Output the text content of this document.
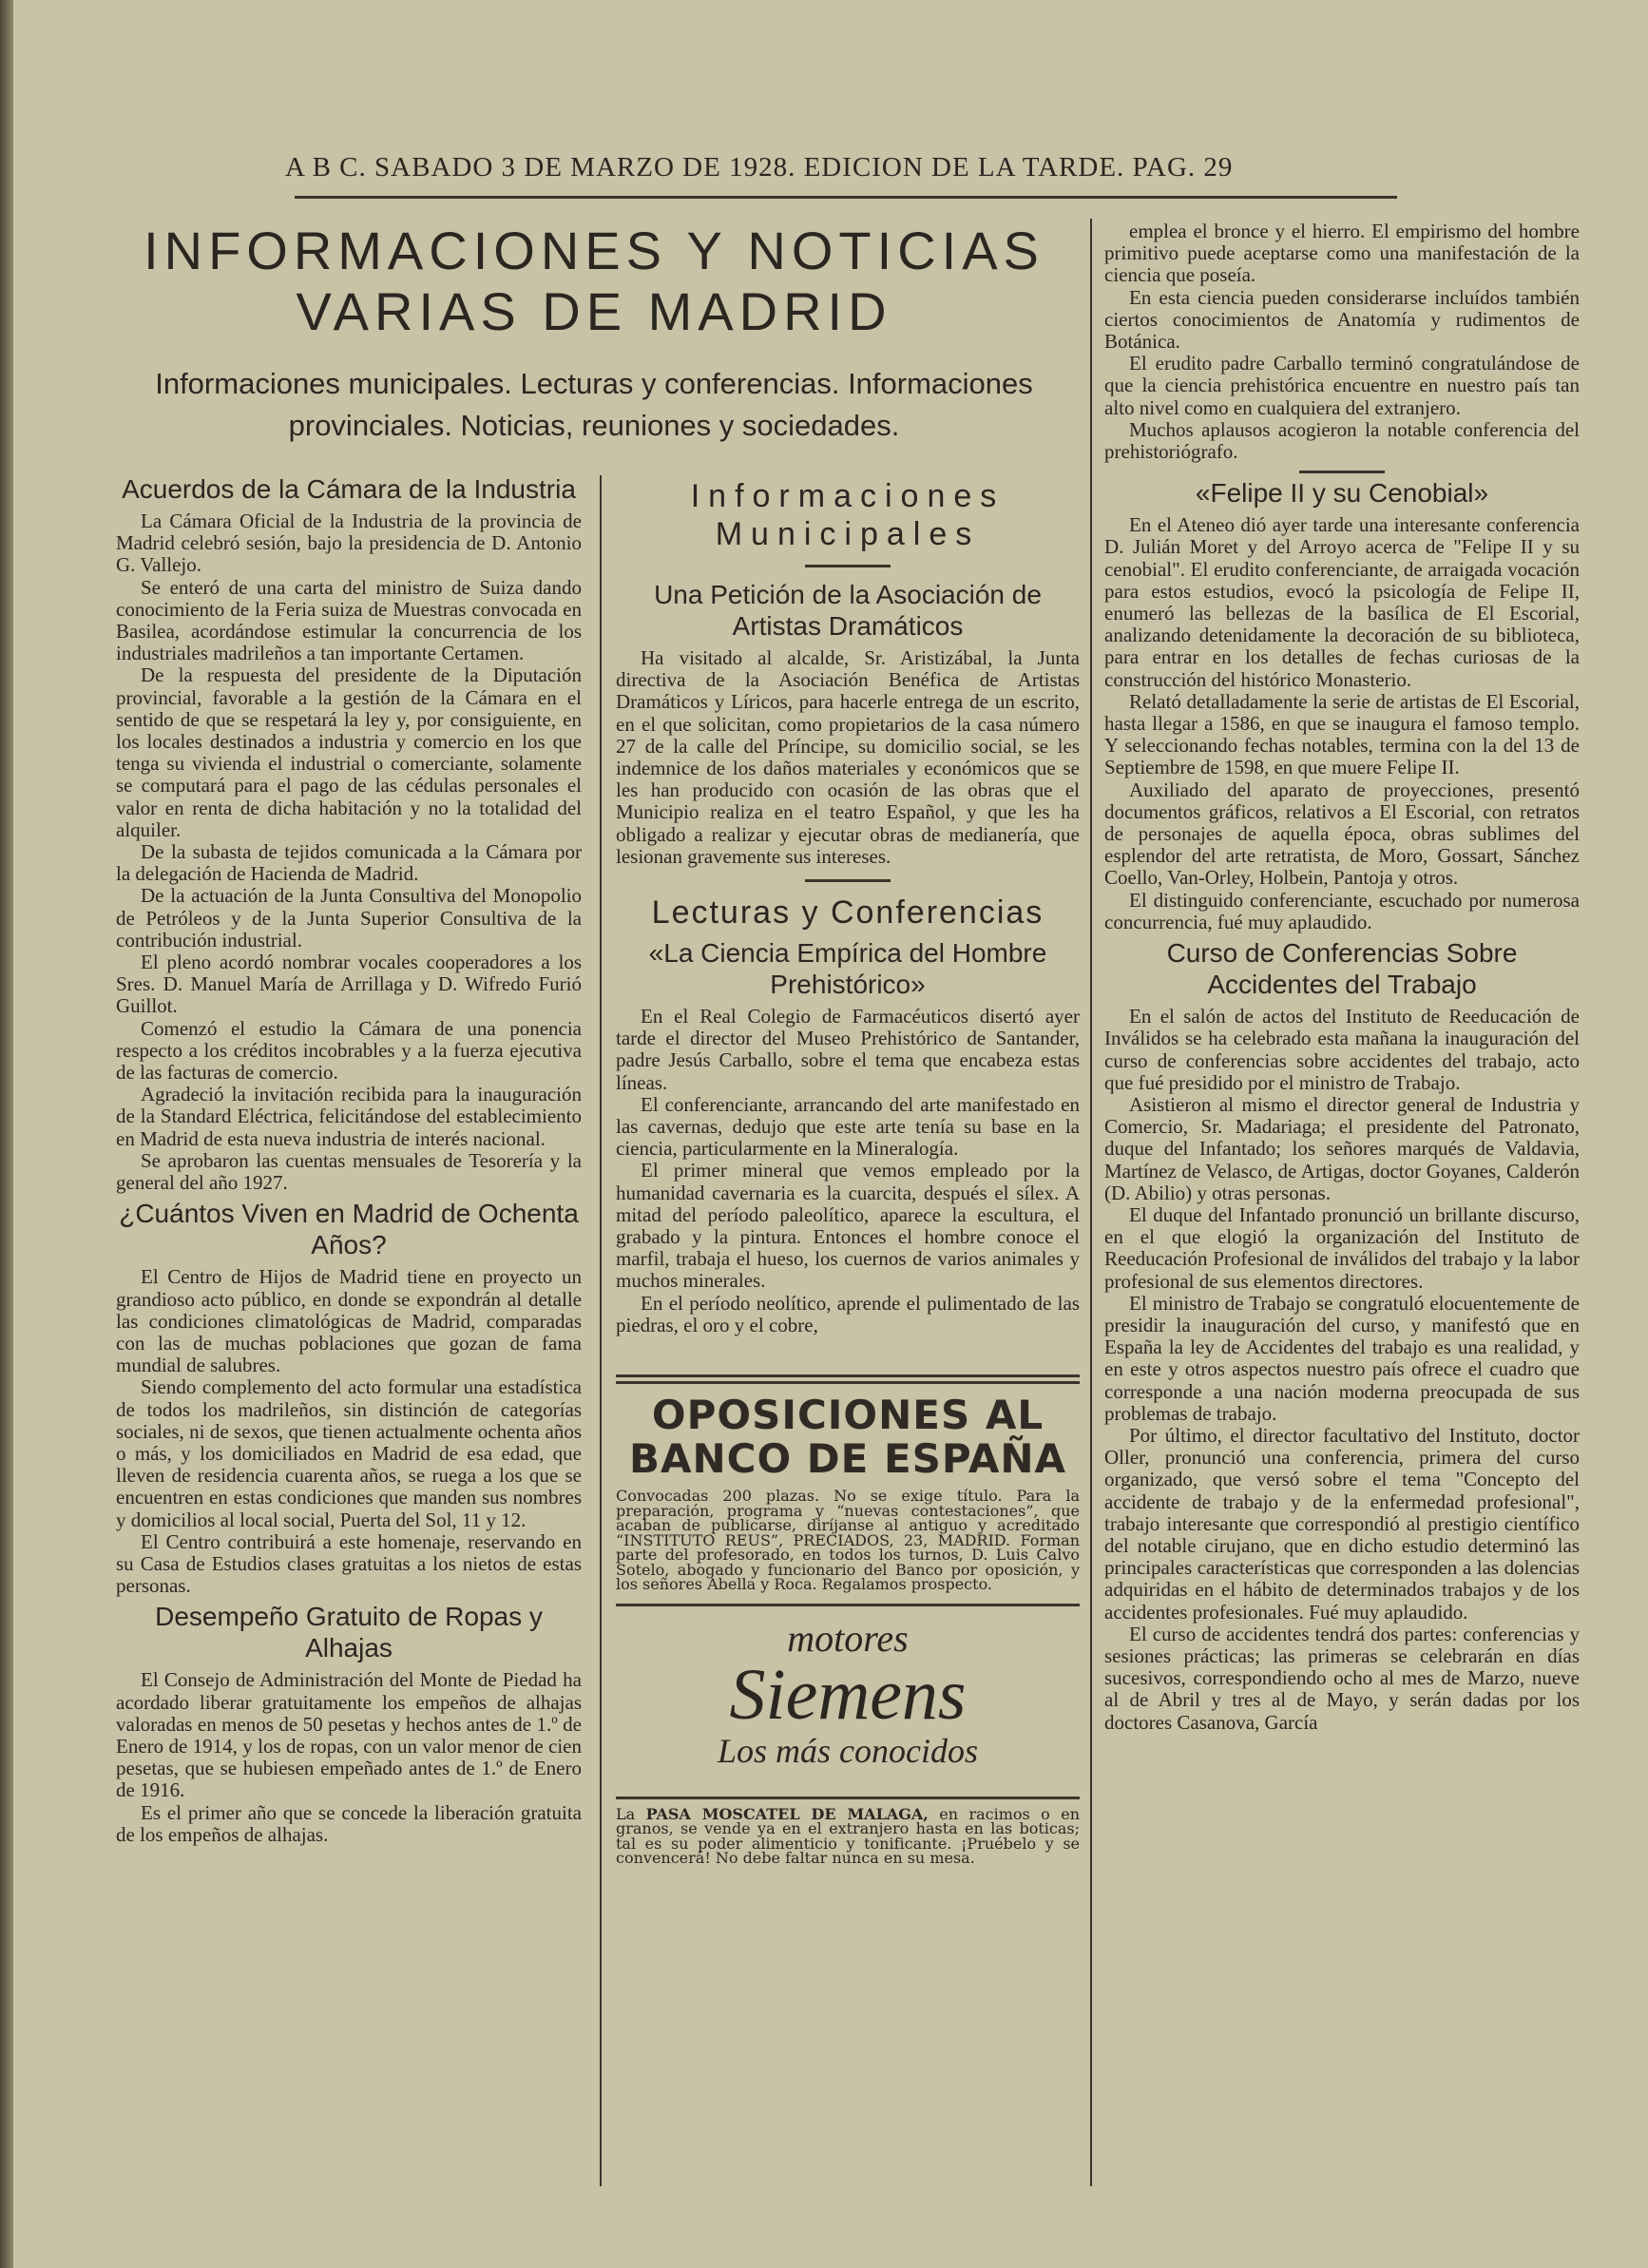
A B C. SABADO 3 DE MARZO DE 1928. EDICION DE LA TARDE. PAG. 29
INFORMACIONES Y NOTICIAS
VARIAS DE MADRID
Informaciones municipales. Lecturas y conferencias. Informaciones provinciales. Noticias, reuniones y sociedades.
Acuerdos de la Cámara de la Industria

La Cámara Oficial de la Industria de la provincia de Madrid celebró sesión, bajo la presidencia de D. Antonio G. Vallejo.

Se enteró de una carta del ministro de Suiza dando conocimiento de la Feria suiza de Muestras convocada en Basilea, acordándose estimular la concurrencia de los industriales madrileños a tan importante Certamen.

De la respuesta del presidente de la Diputación provincial, favorable a la gestión de la Cámara en el sentido de que se respetará la ley y, por consiguiente, en los locales destinados a industria y comercio en los que tenga su vivienda el industrial o comerciante, solamente se computará para el pago de las cédulas personales el valor en renta de dicha habitación y no la totalidad del alquiler.

De la subasta de tejidos comunicada a la Cámara por la delegación de Hacienda de Madrid.

De la actuación de la Junta Consultiva del Monopolio de Petróleos y de la Junta Superior Consultiva de la contribución industrial.

El pleno acordó nombrar vocales cooperadores a los Sres. D. Manuel María de Arrillaga y D. Wifredo Furió Guillot.

Comenzó el estudio la Cámara de una ponencia respecto a los créditos incobrables y a la fuerza ejecutiva de las facturas de comercio.

Agradeció la invitación recibida para la inauguración de la Standard Eléctrica, felicitándose del establecimiento en Madrid de esta nueva industria de interés nacional.

Se aprobaron las cuentas mensuales de Tesorería y la general del año 1927.

¿Cuántos Viven en Madrid de Ochenta Años?

El Centro de Hijos de Madrid tiene en proyecto un grandioso acto público, en donde se expondrán al detalle las condiciones climatológicas de Madrid, comparadas con las de muchas poblaciones que gozan de fama mundial de salubres.

Siendo complemento del acto formular una estadística de todos los madrileños, sin distinción de categorías sociales, ni de sexos, que tienen actualmente ochenta años o más, y los domiciliados en Madrid de esa edad, que lleven de residencia cuarenta años, se ruega a los que se encuentren en estas condiciones que manden sus nombres y domicilios al local social, Puerta del Sol, 11 y 12.

El Centro contribuirá a este homenaje, reservando en su Casa de Estudios clases gratuitas a los nietos de estas personas.

Desempeño Gratuito de Ropas y Alhajas

El Consejo de Administración del Monte de Piedad ha acordado liberar gratuitamente los empeños de alhajas valoradas en menos de 50 pesetas y hechos antes de 1.º de Enero de 1914, y los de ropas, con un valor menor de cien pesetas, que se hubiesen empeñado antes de 1.º de Enero de 1916.

Es el primer año que se concede la liberación gratuita de los empeños de alhajas.

Informaciones Municipales
Una Petición de la Asociación de Artistas Dramáticos

Ha visitado al alcalde, Sr. Aristizábal, la Junta directiva de la Asociación Benéfica de Artistas Dramáticos y Líricos, para hacerle entrega de un escrito, en el que solicitan, como propietarios de la casa número 27 de la calle del Príncipe, su domicilio social, se les indemnice de los daños materiales y económicos que se les han producido con ocasión de las obras que el Municipio realiza en el teatro Español, y que les ha obligado a realizar y ejecutar obras de medianería, que lesionan gravemente sus intereses.

Lecturas y Conferencias
«La Ciencia Empírica del Hombre Prehistórico»

En el Real Colegio de Farmacéuticos disertó ayer tarde el director del Museo Prehistórico de Santander, padre Jesús Carballo, sobre el tema que encabeza estas líneas.

El conferenciante, arrancando del arte manifestado en las cavernas, dedujo que este arte tenía su base en la ciencia, particularmente en la Mineralogía.

El primer mineral que vemos empleado por la humanidad cavernaria es la cuarcita, después el sílex. A mitad del período paleolítico, aparece la escultura, el grabado y la pintura. Entonces el hombre conoce el marfil, trabaja el hueso, los cuernos de varios animales y muchos minerales.

En el período neolítico, aprende el pulimentado de las piedras, el oro y el cobre,

OPOSICIONES AL BANCO DE ESPAÑA
Convocadas 200 plazas. No se exige título. Para la preparación, programa y “nuevas contestaciones”, que acaban de publicarse, diríjanse al antiguo y acreditado “INSTITUTO REUS”, PRECIADOS, 23, MADRID. Forman parte del profesorado, en todos los turnos, D. Luis Calvo Sotelo, abogado y funcionario del Banco por oposición, y los señores Abella y Roca. Regalamos prospecto.
motores
Siemens
Los más conocidos
La PASA MOSCATEL DE MALAGA, en racimos o en granos, se vende ya en el extranjero hasta en las boticas; tal es su poder alimenticio y tonificante. ¡Pruébelo y se convencerá! No debe faltar nunca en su mesa.

emplea el bronce y el hierro. El empirismo del hombre primitivo puede aceptarse como una manifestación de la ciencia que poseía.

En esta ciencia pueden considerarse incluídos también ciertos conocimientos de Anatomía y rudimentos de Botánica.

El erudito padre Carballo terminó congratulándose de que la ciencia prehistórica encuentre en nuestro país tan alto nivel como en cualquiera del extranjero.

Muchos aplausos acogieron la notable conferencia del prehistoriógrafo.

«Felipe II y su Cenobial»

En el Ateneo dió ayer tarde una interesante conferencia D. Julián Moret y del Arroyo acerca de "Felipe II y su cenobial". El erudito conferenciante, de arraigada vocación para estos estudios, evocó la psicología de Felipe II, enumeró las bellezas de la basílica de El Escorial, analizando detenidamente la decoración de su biblioteca, para entrar en los detalles de fechas curiosas de la construcción del histórico Monasterio.

Relató detalladamente la serie de artistas de El Escorial, hasta llegar a 1586, en que se inaugura el famoso templo. Y seleccionando fechas notables, termina con la del 13 de Septiembre de 1598, en que muere Felipe II.

Auxiliado del aparato de proyecciones, presentó documentos gráficos, relativos a El Escorial, con retratos de personajes de aquella época, obras sublimes del esplendor del arte retratista, de Moro, Gossart, Sánchez Coello, Van-Orley, Holbein, Pantoja y otros.

El distinguido conferenciante, escuchado por numerosa concurrencia, fué muy aplaudido.

Curso de Conferencias Sobre Accidentes del Trabajo

En el salón de actos del Instituto de Reeducación de Inválidos se ha celebrado esta mañana la inauguración del curso de conferencias sobre accidentes del trabajo, acto que fué presidido por el ministro de Trabajo.

Asistieron al mismo el director general de Industria y Comercio, Sr. Madariaga; el presidente del Patronato, duque del Infantado; los señores marqués de Valdavia, Martínez de Velasco, de Artigas, doctor Goyanes, Calderón (D. Abilio) y otras personas.

El duque del Infantado pronunció un brillante discurso, en el que elogió la organización del Instituto de Reeducación Profesional de inválidos del trabajo y la labor profesional de sus elementos directores.

El ministro de Trabajo se congratuló elocuentemente de presidir la inauguración del curso, y manifestó que en España la ley de Accidentes del trabajo es una realidad, y en este y otros aspectos nuestro país ofrece el cuadro que corresponde a una nación moderna preocupada de sus problemas de trabajo.

Por último, el director facultativo del Instituto, doctor Oller, pronunció una conferencia, primera del curso organizado, que versó sobre el tema "Concepto del accidente de trabajo y de la enfermedad profesional", trabajo interesante que correspondió al prestigio científico del notable cirujano, que en dicho estudio determinó las principales características que corresponden a las dolencias adquiridas en el hábito de determinados trabajos y de los accidentes profesionales. Fué muy aplaudido.

El curso de accidentes tendrá dos partes: conferencias y sesiones prácticas; las primeras se celebrarán en días sucesivos, correspondiendo ocho al mes de Marzo, nueve al de Abril y tres al de Mayo, y serán dadas por los doctores Casanova, García
